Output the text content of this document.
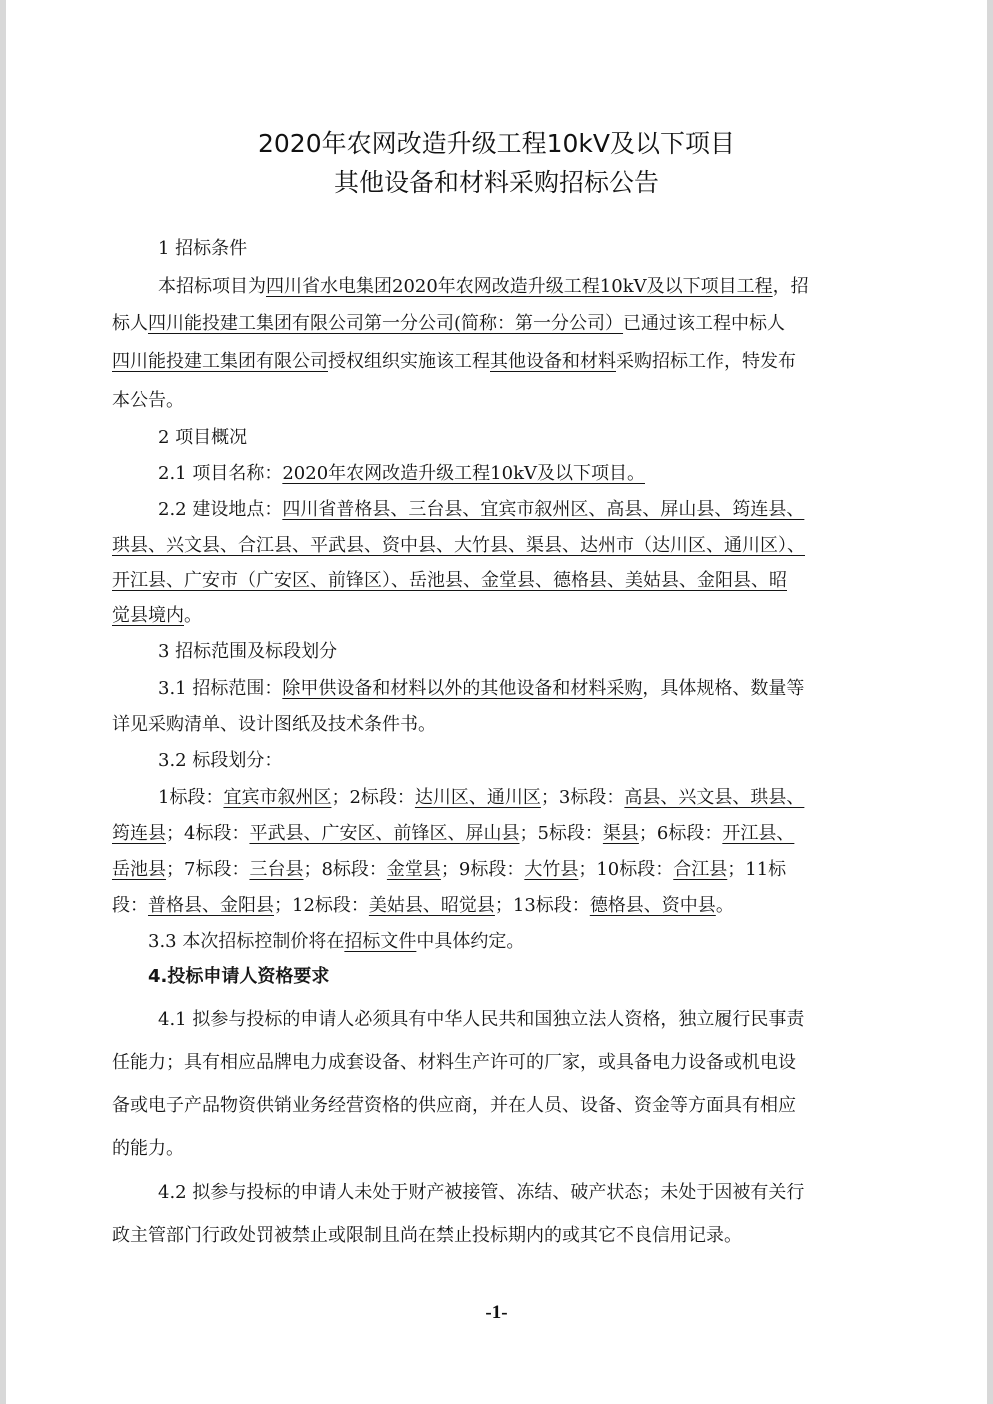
2020年农网改造升级工程10kV及以下项目
其他设备和材料采购招标公告
1 招标条件
本招标项目为四川省水电集团2020年农网改造升级工程10kV及以下项目工程，招
标人四川能投建工集团有限公司第一分公司(简称：第一分公司）已通过该工程中标人
四川能投建工集团有限公司授权组织实施该工程其他设备和材料采购招标工作，特发布
本公告。
2 项目概况
2.1 项目名称：2020年农网改造升级工程10kV及以下项目。
2.2 建设地点：四川省普格县、三台县、宜宾市叙州区、高县、屏山县、筠连县、
珙县、兴文县、合江县、平武县、资中县、大竹县、渠县、达州市（达川区、通川区）、
开江县、广安市（广安区、前锋区）、岳池县、金堂县、德格县、美姑县、金阳县、昭
觉县境内。
3 招标范围及标段划分
3.1 招标范围：除甲供设备和材料以外的其他设备和材料采购，具体规格、数量等
详见采购清单、设计图纸及技术条件书。
3.2 标段划分：
1标段：宜宾市叙州区；2标段：达川区、通川区；3标段：高县、兴文县、珙县、
筠连县；4标段：平武县、广安区、前锋区、屏山县；5标段：渠县；6标段：开江县、
岳池县；7标段：三台县；8标段：金堂县；9标段：大竹县；10标段：合江县；11标
段：普格县、金阳县；12标段：美姑县、昭觉县；13标段：德格县、资中县。
3.3 本次招标控制价将在招标文件中具体约定。
4.投标申请人资格要求
4.1 拟参与投标的申请人必须具有中华人民共和国独立法人资格，独立履行民事责
任能力；具有相应品牌电力成套设备、材料生产许可的厂家，或具备电力设备或机电设
备或电子产品物资供销业务经营资格的供应商，并在人员、设备、资金等方面具有相应
的能力。
4.2 拟参与投标的申请人未处于财产被接管、冻结、破产状态；未处于因被有关行
政主管部门行政处罚被禁止或限制且尚在禁止投标期内的或其它不良信用记录。
-1-
